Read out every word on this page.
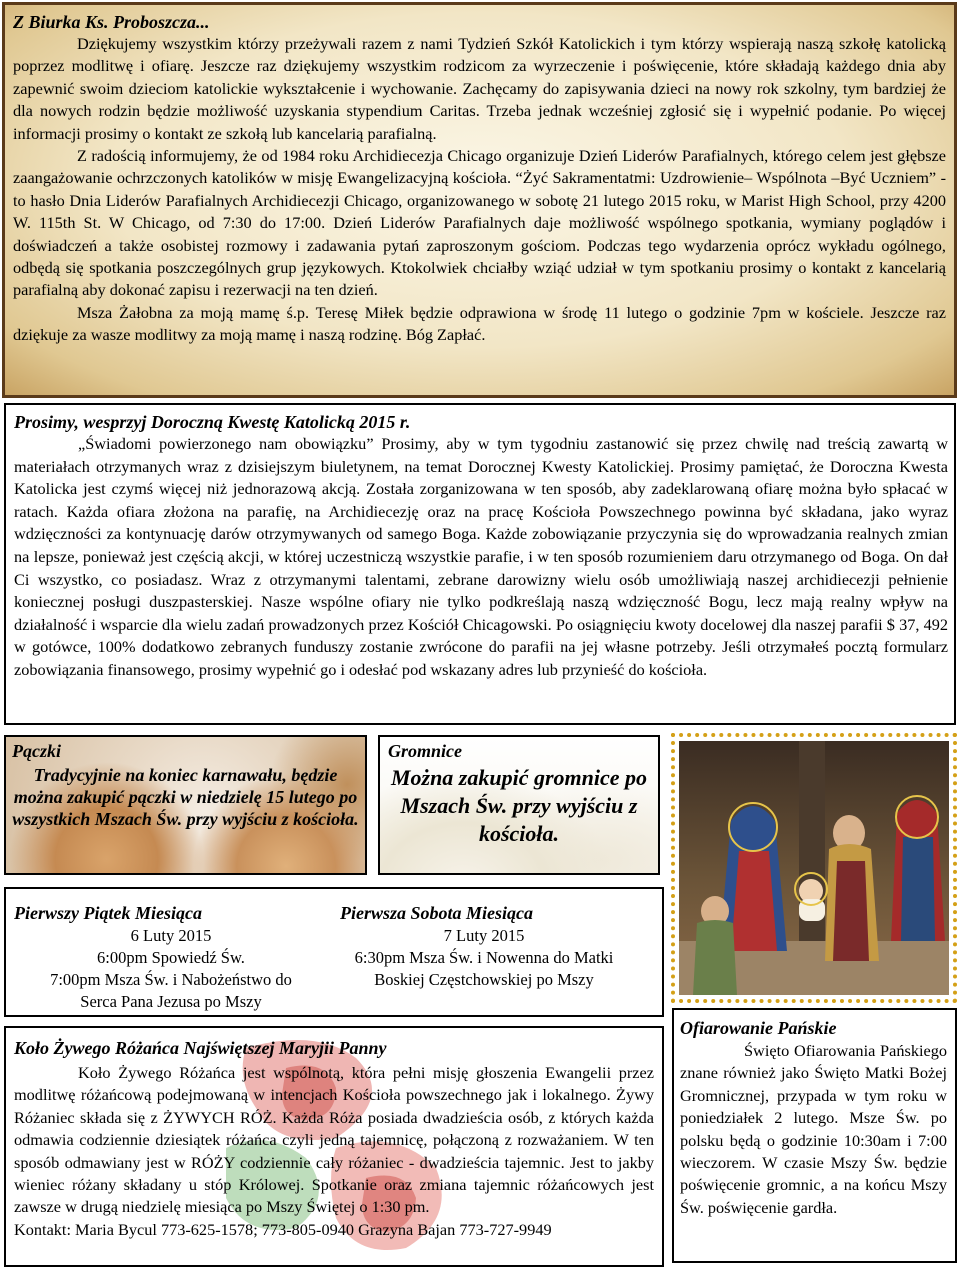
Z Biurka Ks. Proboszcza...

Dziękujemy wszystkim którzy przeżywali razem z nami Tydzień Szkół Katolickich i tym którzy wspierają naszą szkołę katolicką poprzez modlitwę i ofiarę. Jeszcze raz dziękujemy wszystkim rodzicom za wyrzeczenie i poświęcenie, które składają każdego dnia aby zapewnić swoim dzieciom katolickie wykształcenie i wychowanie. Zachęcamy do zapisywania dzieci na nowy rok szkolny, tym bardziej że dla nowych rodzin będzie możliwość uzyskania stypendium Caritas. Trzeba jednak wcześniej zgłosić się i wypełnić podanie. Po więcej informacji prosimy o kontakt ze szkołą lub kancelarią parafialną.

Z radością informujemy, że od 1984 roku Archidiecezja Chicago organizuje Dzień Liderów Parafialnych, którego celem jest głębsze zaangażowanie ochrzczonych katolików w misję Ewangelizacyjną kościoła. “Żyć Sakramentatmi: Uzdrowienie– Wspólnota –Być Uczniem” - to hasło Dnia Liderów Parafialnych Archidiecezji Chicago, organizowanego w sobotę 21 lutego 2015 roku, w Marist High School, przy 4200 W. 115th St. W Chicago, od 7:30 do 17:00. Dzień Liderów Parafialnych daje możliwość wspólnego spotkania, wymiany poglądów i doświadczeń a także osobistej rozmowy i zadawania pytań zaproszonym gościom. Podczas tego wydarzenia oprócz wykładu ogólnego, odbędą się spotkania poszczególnych grup językowych. Ktokolwiek chciałby wziąć udział w tym spotkaniu prosimy o kontakt z kancelarią parafialną aby dokonać zapisu i rezerwacji na ten dzień.

Msza Żałobna za moją mamę ś.p. Teresę Miłek będzie odprawiona w środę 11 lutego o godzinie 7pm w kościele. Jeszcze raz dziękuje za wasze modlitwy za moją mamę i naszą rodzinę. Bóg Zapłać.

Prosimy, wesprzyj Doroczną Kwestę Katolicką 2015 r.

„Świadomi powierzonego nam obowiązku” Prosimy, aby w tym tygodniu zastanowić się przez chwilę nad treścią zawartą w materiałach otrzymanych wraz z dzisiejszym biuletynem, na temat Dorocznej Kwesty Katolickiej. Prosimy pamiętać, że Doroczna Kwesta Katolicka jest czymś więcej niż jednorazową akcją. Została zorganizowana w ten sposób, aby zadeklarowaną ofiarę można było spłacać w ratach. Każda ofiara złożona na parafię, na Archidiecezję oraz na pracę Kościoła Powszechnego powinna być składana, jako wyraz wdzięczności za kontynuację darów otrzymywanych od samego Boga. Każde zobowiązanie przyczynia się do wprowadzania realnych zmian na lepsze, ponieważ jest częścią akcji, w której uczestniczą wszystkie parafie, i w ten sposób rozumieniem daru otrzymanego od Boga. On dał Ci wszystko, co posiadasz. Wraz z otrzymanymi talentami, zebrane darowizny wielu osób umożliwiają naszej archidiecezji pełnienie koniecznej posługi duszpasterskiej. Nasze wspólne ofiary nie tylko podkreślają naszą wdzięczność Bogu, lecz mają realny wpływ na działalność i wsparcie dla wielu zadań prowadzonych przez Kościół Chicagowski. Po osiągnięciu kwoty docelowej dla naszej parafii $ 37, 492 w gotówce, 100% dodatkowo zebranych funduszy zostanie zwrócone do parafii na jej własne potrzeby. Jeśli otrzymałeś pocztą formularz zobowiązania finansowego, prosimy wypełnić go i odesłać pod wskazany adres lub przynieść do kościoła.

Pączki
Tradycyjnie na koniec karnawału, będzie można zakupić pączki w niedzielę 15 lutego po wszystkich Mszach Św. przy wyjściu z kościoła.
Gromnice
Można zakupić gromnice po Mszach Św. przy wyjściu z kościoła.
Pierwszy Piątek Miesiąca
6 Luty 2015
6:00pm Spowiedź Św.
7:00pm Msza Św. i Nabożeństwo do
Serca Pana Jezusa po Mszy
Pierwsza Sobota Miesiąca
7 Luty 2015
6:30pm Msza Św. i Nowenna do Matki
Boskiej Częstchowskiej po Mszy
Koło Żywego Różańca Najświętszej Maryjii Panny

Koło Żywego Różańca jest wspólnotą, która pełni misję głoszenia Ewangelii przez modlitwę różańcową podejmowaną w intencjach Kościoła powszechnego jak i lokalnego. Żywy Różaniec składa się z ŻYWYCH RÓŻ. Każda Róża posiada dwadzieścia osób, z których każda odmawia codziennie dziesiątek różańca czyli jedną tajemnicę, połączoną z rozważaniem. W ten sposób odmawiany jest w RÓŻY codziennie cały różaniec - dwadzieścia tajemnic. Jest to jakby wieniec różany składany u stóp Królowej. Spotkanie oraz zmiana tajemnic różańcowych jest zawsze w drugą niedzielę miesiąca po Mszy Świętej o 1:30 pm.

Kontakt: Maria Bycul 773-625-1578; 773-805-0940 Grazyna Bajan 773-727-9949

Ofiarowanie Pańskie

Święto Ofiarowania Pańskiego znane również jako Święto Matki Bożej Gromnicznej, przypada w tym roku w poniedziałek 2 lutego. Msze Św. po polsku będą o godzinie 10:30am i 7:00 wieczorem. W czasie Mszy Św. będzie poświęcenie gromnic, a na końcu Mszy Św. poświęcenie gardła.
